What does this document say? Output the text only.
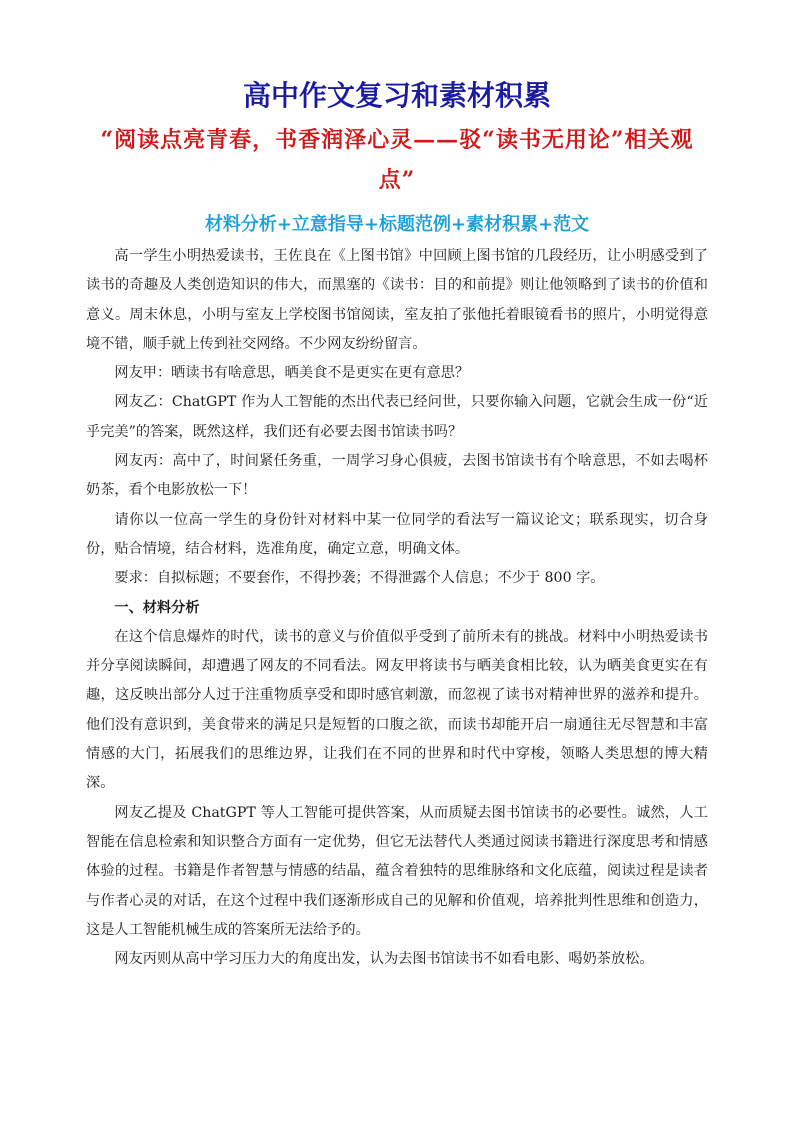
高中作文复习和素材积累
“阅读点亮青春，书香润泽心灵——驳“读书无用论”相关观点”
材料分析+立意指导+标题范例+素材积累+范文

高一学生小明热爱读书，王佐良在《上图书馆》中回顾上图书馆的几段经历，让小明感受到了读书的奇趣及人类创造知识的伟大，而黑塞的《读书：目的和前提》则让他领略到了读书的价值和意义。周末休息，小明与室友上学校图书馆阅读，室友拍了张他托着眼镜看书的照片，小明觉得意境不错，顺手就上传到社交网络。不少网友纷纷留言。

网友甲：晒读书有啥意思，晒美食不是更实在更有意思？

网友乙：ChatGPT 作为人工智能的杰出代表已经问世，只要你输入问题，它就会生成一份“近乎完美”的答案，既然这样，我们还有必要去图书馆读书吗？

网友丙：高中了，时间紧任务重，一周学习身心俱疲，去图书馆读书有个啥意思，不如去喝杯奶茶，看个电影放松一下！

请你以一位高一学生的身份针对材料中某一位同学的看法写一篇议论文；联系现实，切合身份，贴合情境，结合材料，选准角度，确定立意，明确文体。

要求：自拟标题；不要套作，不得抄袭；不得泄露个人信息；不少于 800 字。

一、材料分析

在这个信息爆炸的时代，读书的意义与价值似乎受到了前所未有的挑战。材料中小明热爱读书并分享阅读瞬间，却遭遇了网友的不同看法。网友甲将读书与晒美食相比较，认为晒美食更实在有趣，这反映出部分人过于注重物质享受和即时感官刺激，而忽视了读书对精神世界的滋养和提升。他们没有意识到，美食带来的满足只是短暂的口腹之欲，而读书却能开启一扇通往无尽智慧和丰富情感的大门，拓展我们的思维边界，让我们在不同的世界和时代中穿梭，领略人类思想的博大精深。

网友乙提及 ChatGPT 等人工智能可提供答案，从而质疑去图书馆读书的必要性。诚然，人工智能在信息检索和知识整合方面有一定优势，但它无法替代人类通过阅读书籍进行深度思考和情感体验的过程。书籍是作者智慧与情感的结晶，蕴含着独特的思维脉络和文化底蕴，阅读过程是读者与作者心灵的对话，在这个过程中我们逐渐形成自己的见解和价值观，培养批判性思维和创造力，这是人工智能机械生成的答案所无法给予的。

网友丙则从高中学习压力大的角度出发，认为去图书馆读书不如看电影、喝奶茶放松。
